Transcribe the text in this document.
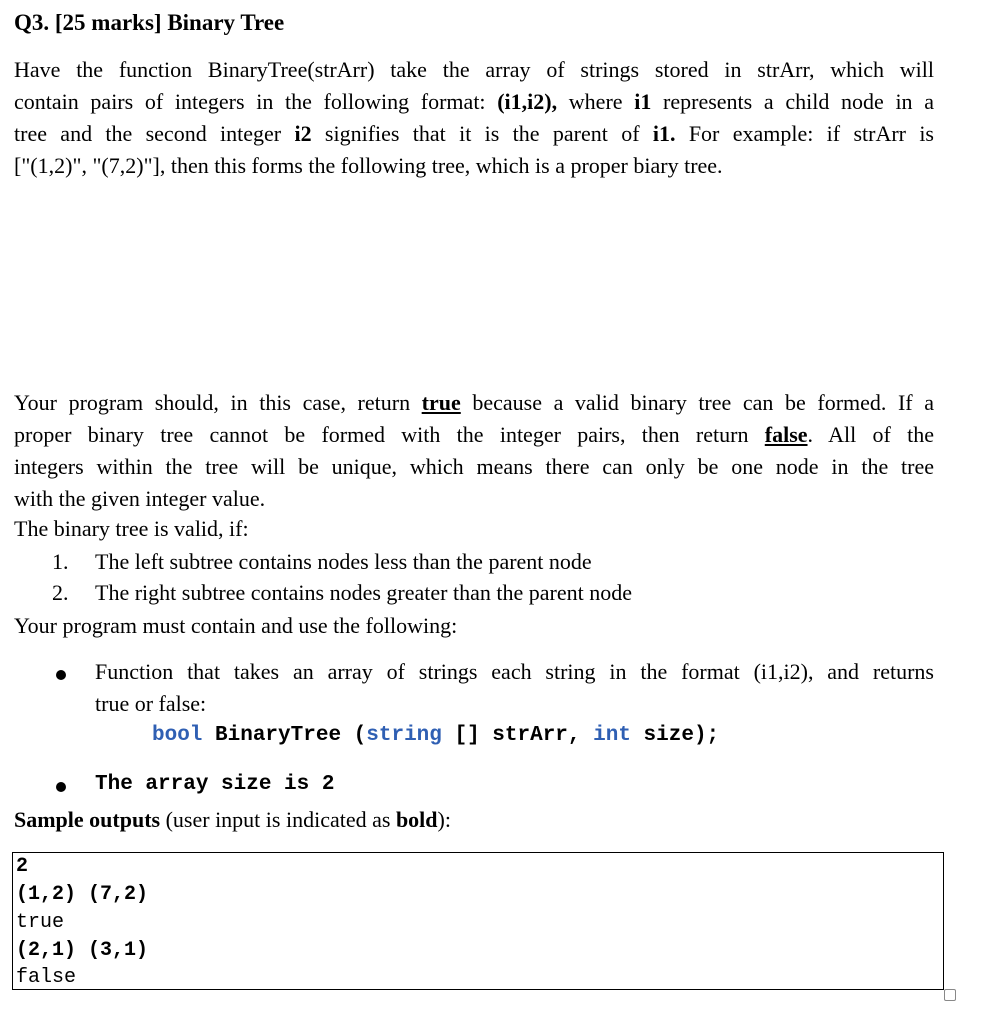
Q3. [25 marks] Binary Tree
Have the function BinaryTree(strArr) take the array of strings stored in strArr, which will
contain pairs of integers in the following format: (i1,i2), where i1 represents a child node in a
tree and the second integer i2 signifies that it is the parent of i1. For example: if strArr is
["(1,2)", "(7,2)"], then this forms the following tree, which is a proper biary tree.
Your program should, in this case, return true because a valid binary tree can be formed. If a
proper binary tree cannot be formed with the integer pairs, then return false. All of the
integers within the tree will be unique, which means there can only be one node in the tree
with the given integer value.
The binary tree is valid, if:
1. The left subtree contains nodes less than the parent node
2. The right subtree contains nodes greater than the parent node
Your program must contain and use the following:
Function that takes an array of strings each string in the format (i1,i2), and returns
true or false:
bool BinaryTree (string [] strArr, int size);
The array size is 2
Sample outputs (user input is indicated as bold):
2
(1,2) (7,2)
true
(2,1) (3,1)
false
